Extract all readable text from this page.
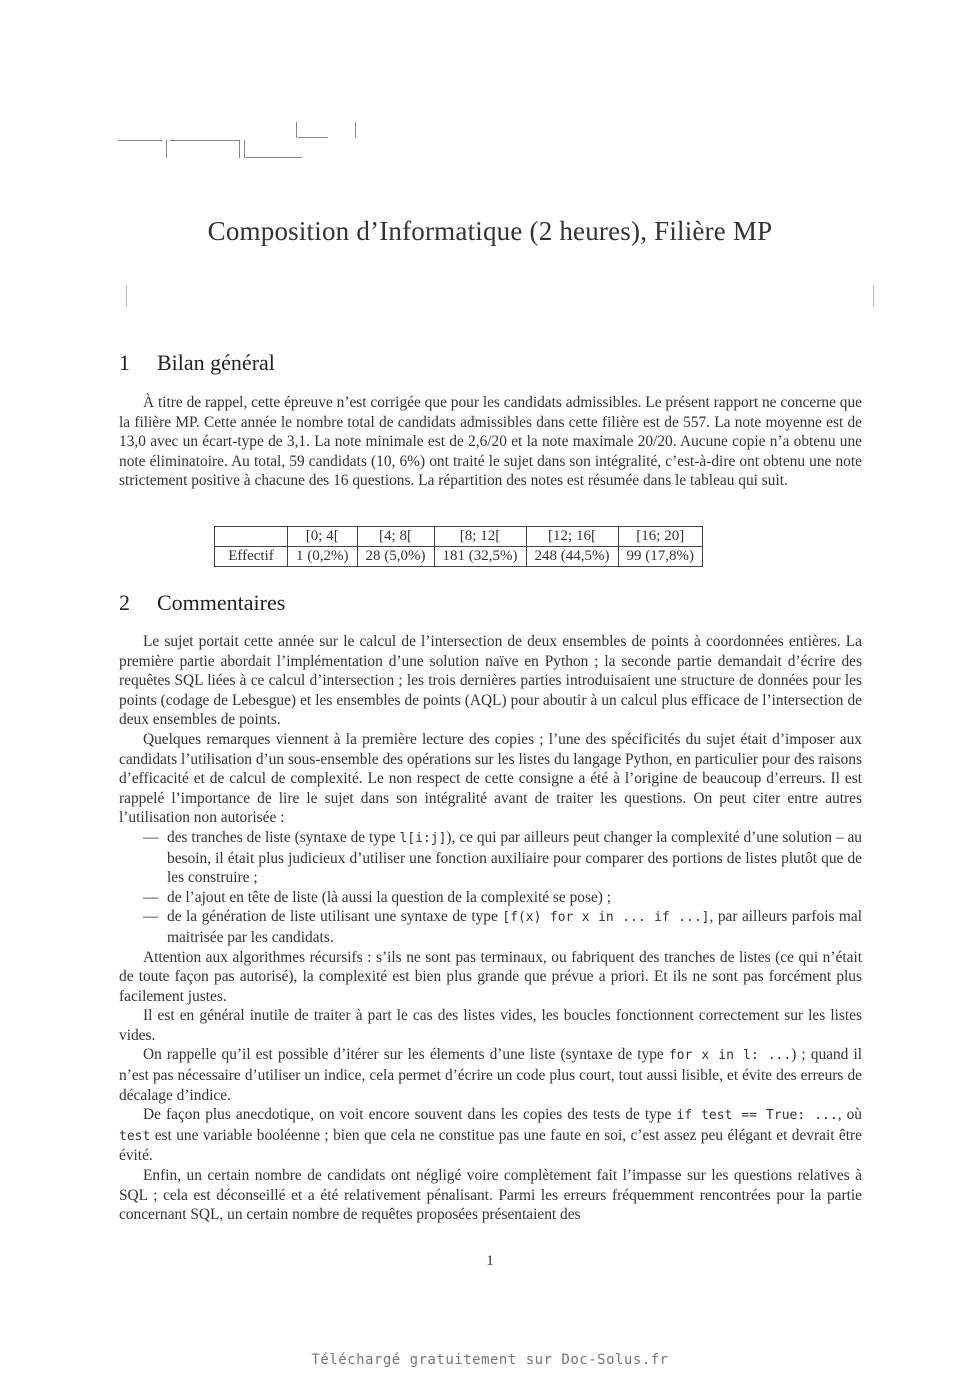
Composition d’Informatique (2 heures), Filière MP
1 Bilan général

À titre de rappel, cette épreuve n’est corrigée que pour les candidats admissibles. Le présent rapport ne concerne que la filière MP. Cette année le nombre total de candidats admissibles dans cette filière est de 557. La note moyenne est de 13,0 avec un écart-type de 3,1. La note minimale est de 2,6/20 et la note maximale 20/20. Aucune copie n’a obtenu une note éliminatoire. Au total, 59 candidats (10, 6%) ont traité le sujet dans son intégralité, c’est-à-dire ont obtenu une note strictement positive à chacune des 16 questions. La répartition des notes est résumée dans le tableau qui suit.

	[0; 4[	[4; 8[	[8; 12[	[12; 16[	[16; 20]
Effectif	1 (0,2%)	28 (5,0%)	181 (32,5%)	248 (44,5%)	99 (17,8%)
2 Commentaires

Le sujet portait cette année sur le calcul de l’intersection de deux ensembles de points à coordonnées entières. La première partie abordait l’implémentation d’une solution naïve en Python ; la seconde partie demandait d’écrire des requêtes SQL liées à ce calcul d’intersection ; les trois dernières parties introduisaient une structure de données pour les points (codage de Lebesgue) et les ensembles de points (AQL) pour aboutir à un calcul plus efficace de l’intersection de deux ensembles de points.

Quelques remarques viennent à la première lecture des copies ; l’une des spécificités du sujet était d’imposer aux candidats l’utilisation d’un sous-ensemble des opérations sur les listes du langage Python, en particulier pour des raisons d’efficacité et de calcul de complexité. Le non respect de cette consigne a été à l’origine de beaucoup d’erreurs. Il est rappelé l’importance de lire le sujet dans son intégralité avant de traiter les questions. On peut citer entre autres l’utilisation non autorisée :

— des tranches de liste (syntaxe de type l[i:j]), ce qui par ailleurs peut changer la complexité d’une solution – au besoin, il était plus judicieux d’utiliser une fonction auxiliaire pour comparer des portions de listes plutôt que de les construire ;
— de l’ajout en tête de liste (là aussi la question de la complexité se pose) ;
— de la génération de liste utilisant une syntaxe de type [f(x) for x in ... if ...], par ailleurs parfois mal maitrisée par les candidats.

Attention aux algorithmes récursifs : s’ils ne sont pas terminaux, ou fabriquent des tranches de listes (ce qui n’était de toute façon pas autorisé), la complexité est bien plus grande que prévue a priori. Et ils ne sont pas forcément plus facilement justes.

Il est en général inutile de traiter à part le cas des listes vides, les boucles fonctionnent correctement sur les listes vides.

On rappelle qu’il est possible d’itérer sur les élements d’une liste (syntaxe de type for x in l: ...) ; quand il n’est pas nécessaire d’utiliser un indice, cela permet d’écrire un code plus court, tout aussi lisible, et évite des erreurs de décalage d’indice.

De façon plus anecdotique, on voit encore souvent dans les copies des tests de type if test == True: ..., où test est une variable booléenne ; bien que cela ne constitue pas une faute en soi, c’est assez peu élégant et devrait être évité.

Enfin, un certain nombre de candidats ont négligé voire complètement fait l’impasse sur les questions relatives à SQL ; cela est déconseillé et a été relativement pénalisant. Parmi les erreurs fréquemment rencontrées pour la partie concernant SQL, un certain nombre de requêtes proposées présentaient des

1
Téléchargé gratuitement sur Doc-Solus.fr
